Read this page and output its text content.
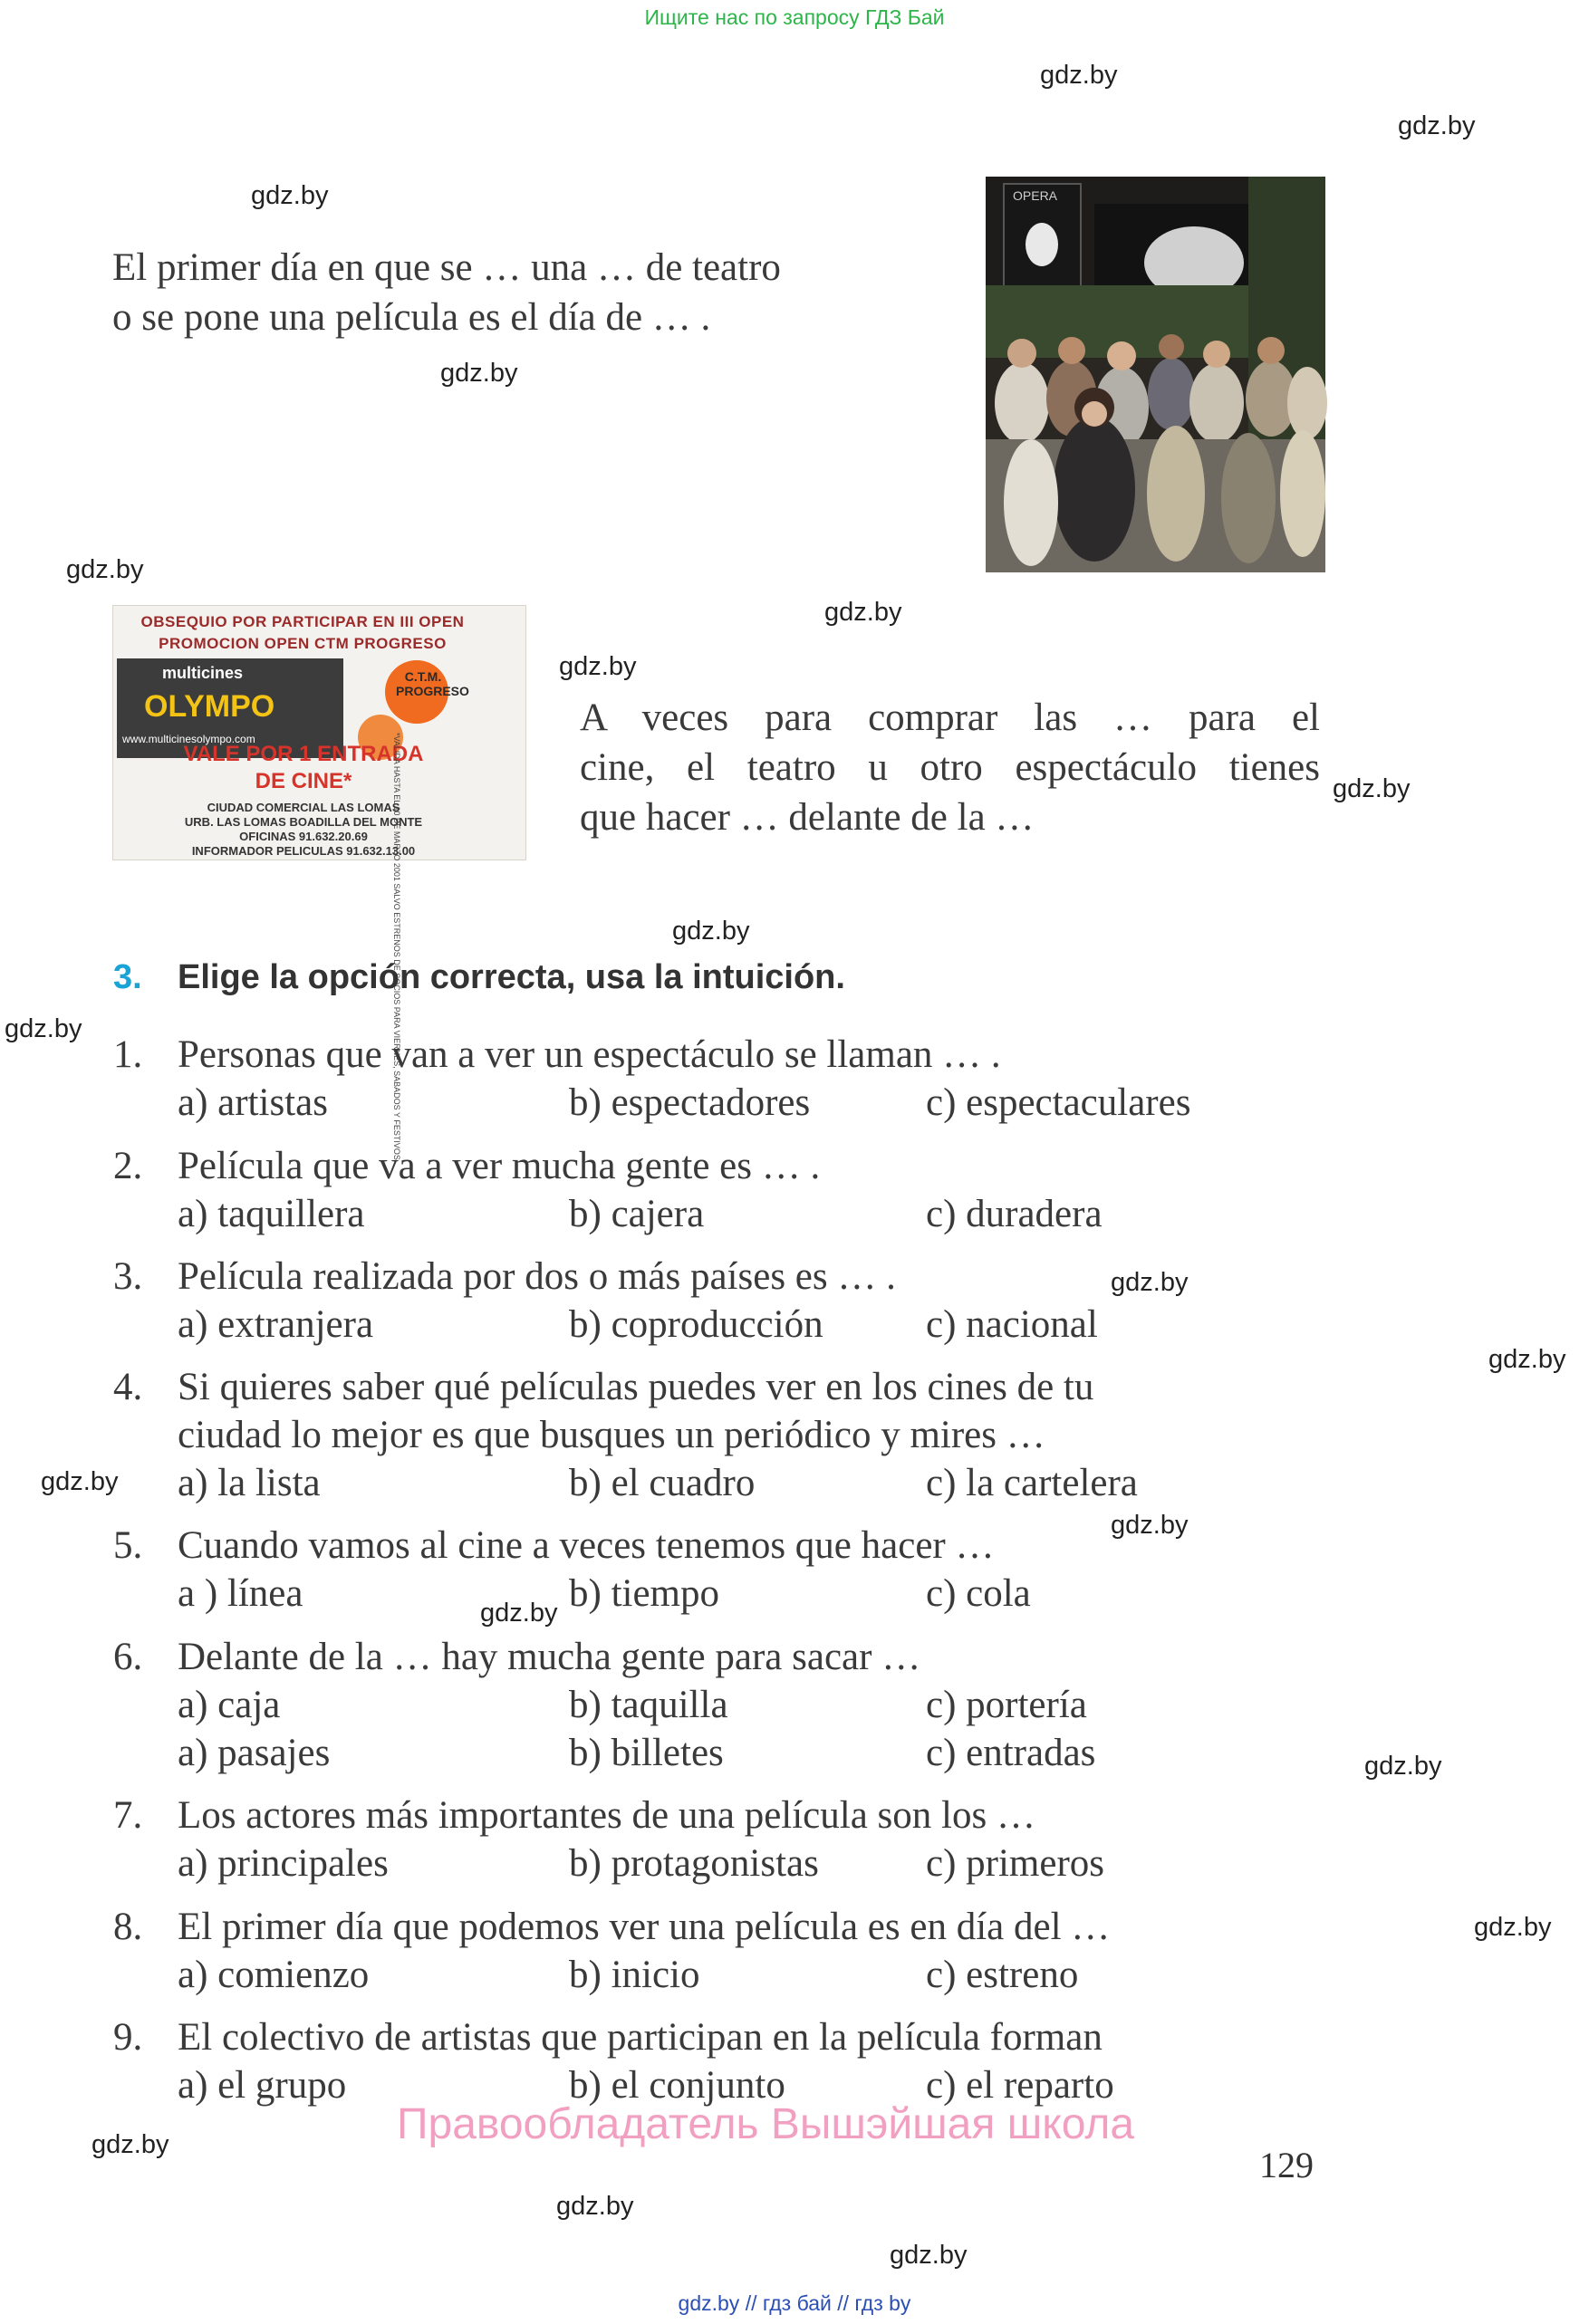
Ищите нас по запросу ГДЗ Бай
gdz.by
gdz.by
gdz.by
gdz.by
gdz.by
gdz.by
gdz.by
gdz.by
gdz.by
gdz.by
gdz.by
gdz.by
gdz.by
gdz.by
gdz.by
gdz.by
gdz.by
gdz.by
gdz.by
gdz.by
El primer día en que se … una … de teatro
o se pone una película es el día de … .
OPERA
OBSEQUIO POR PARTICIPAR EN III OPEN
PROMOCION OPEN CTM PROGRESO
multicines
OLYMPO
www.multicinesolympo.com
C.T.M. PROGRESO
VALE POR 1 ENTRADA
DE CINE*
CIUDAD COMERCIAL LAS LOMAS
URB. LAS LOMAS BOADILLA DEL MONTE
OFICINAS 91.632.20.69
INFORMADOR PELICULAS 91.632.13.00
*VALIDA HASTA EL 10 DE MARZO 2001 SALVO ESTRENOS DE SOCIOS PARA VIERNES, SABADOS Y FESTIVOS
A veces para comprar las … para el
cine, el teatro u otro espectáculo tienes
que hacer … delante de la …
3. Elige la opción correcta, usa la intuición.
1. Personas que van a ver un espectáculo se llaman … .
a) artistas	b) espectadores	c) espectaculares
2. Película que va a ver mucha gente es … .
a) taquillera	b) cajera	c) duradera
3. Película realizada por dos o más países es … .
a) extranjera	b) coproducción	c) nacional
4. Si quieres saber qué películas puedes ver en los cines de tu
ciudad lo mejor es que busques un periódico y mires …
a) la lista	b) el cuadro	c) la cartelera
5. Cuando vamos al cine a veces tenemos que hacer …
a ) línea	b) tiempo	c) cola
6. Delante de la … hay mucha gente para sacar …
a) caja	b) taquilla	c) portería
a) pasajes	b) billetes	c) entradas
7. Los actores más importantes de una película son los …
a) principales	b) protagonistas	c) primeros
8. El primer día que podemos ver una película es en día del …
a) comienzo	b) inicio	c) estreno
9. El colectivo de artistas que participan en la película forman
a) el grupo	b) el conjunto	c) el reparto
Правообладатель Вышэйшая школа
129
gdz.by // гдз бай // гдз by
